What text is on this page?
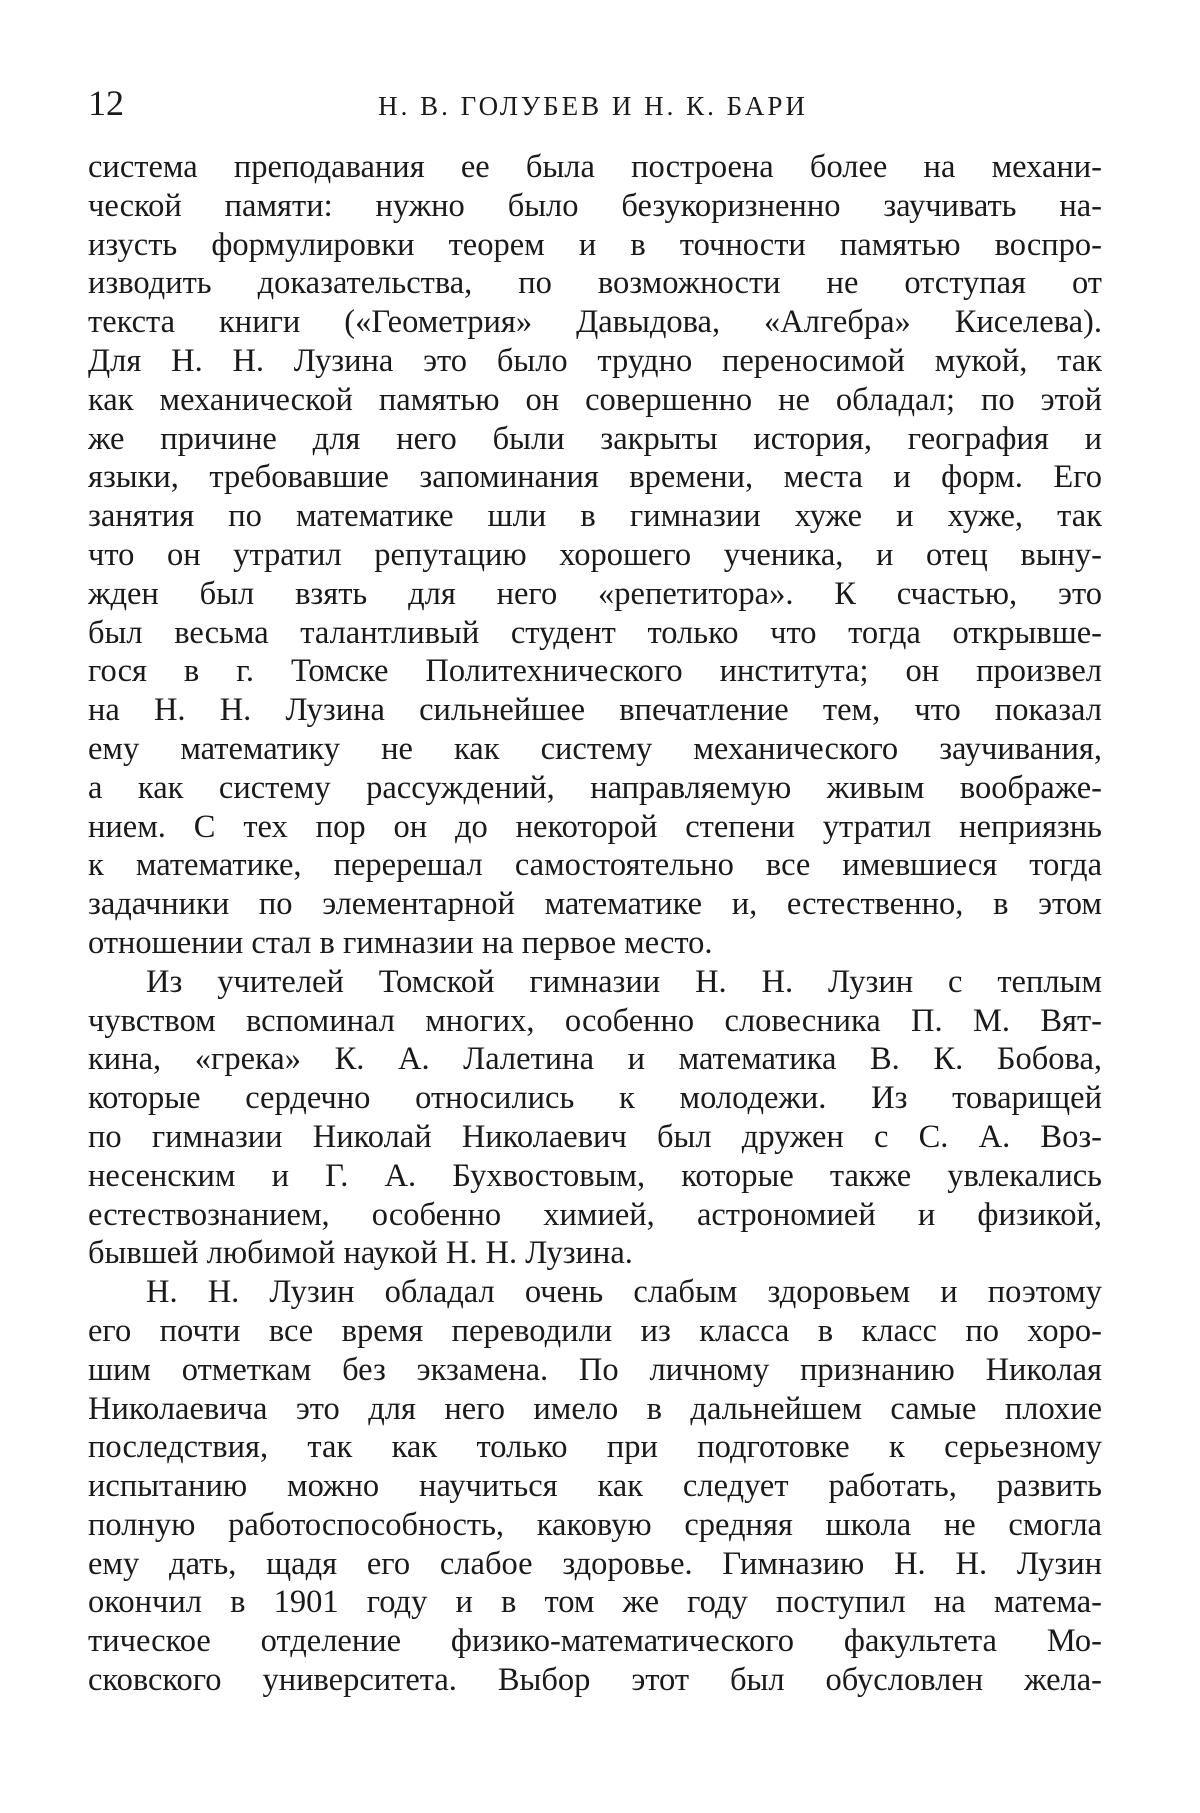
12	Н. В. ГОЛУБЕВ И Н. К. БАРИ
система преподавания ее была построена более на механи-
ческой памяти: нужно было безукоризненно заучивать на-
изусть формулировки теорем и в точности памятью воспро-
изводить доказательства, по возможности не отступая от
текста книги («Геометрия» Давыдова, «Алгебра» Киселева).
Для Н. Н. Лузина это было трудно переносимой мукой, так
как механической памятью он совершенно не обладал; по этой
же причине для него были закрыты история, география и
языки, требовавшие запоминания времени, места и форм. Его
занятия по математике шли в гимназии хуже и хуже, так
что он утратил репутацию хорошего ученика, и отец выну-
жден был взять для него «репетитора». К счастью, это
был весьма талантливый студент только что тогда открывше-
гося в г. Томске Политехнического института; он произвел
на Н. Н. Лузина сильнейшее впечатление тем, что показал
ему математику не как систему механического заучивания,
а как систему рассуждений, направляемую живым воображе-
нием. С тех пор он до некоторой степени утратил неприязнь
к математике, перерешал самостоятельно все имевшиеся тогда
задачники по элементарной математике и, естественно, в этом
отношении стал в гимназии на первое место.
Из учителей Томской гимназии Н. Н. Лузин с теплым
чувством вспоминал многих, особенно словесника П. М. Вят-
кина, «грека» К. А. Лалетина и математика В. К. Бобова,
которые сердечно относились к молодежи. Из товарищей
по гимназии Николай Николаевич был дружен с С. А. Воз-
несенским и Г. А. Бухвостовым, которые также увлекались
естествознанием, особенно химией, астрономией и физикой,
бывшей любимой наукой Н. Н. Лузина.
Н. Н. Лузин обладал очень слабым здоровьем и поэтому
его почти все время переводили из класса в класс по хоро-
шим отметкам без экзамена. По личному признанию Николая
Николаевича это для него имело в дальнейшем самые плохие
последствия, так как только при подготовке к серьезному
испытанию можно научиться как следует работать, развить
полную работоспособность, каковую средняя школа не смогла
ему дать, щадя его слабое здоровье. Гимназию Н. Н. Лузин
окончил в 1901 году и в том же году поступил на матема-
тическое отделение физико-математического факультета Мо-
сковского университета. Выбор этот был обусловлен жела-
